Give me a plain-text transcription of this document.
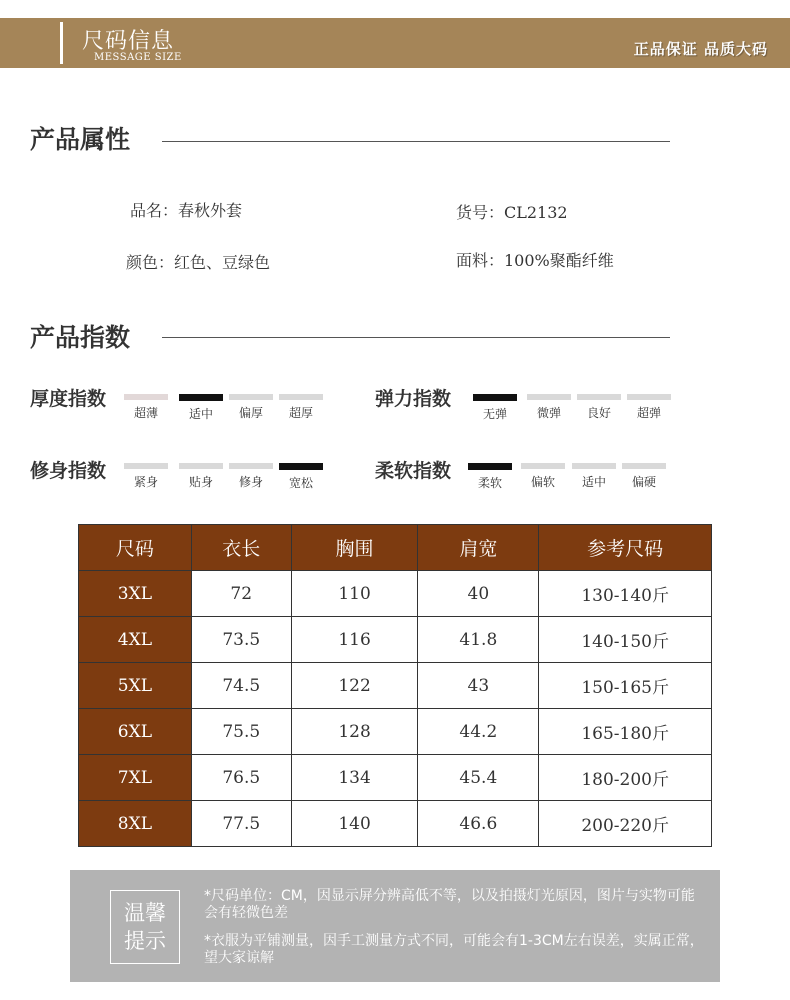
尺码信息
MESSAGE SIZE	正品保证 品质大码
产品属性
品名：春秋外套	货号：CL2132
颜色：红色、豆绿色	面料：100%聚酯纤维
产品指数
厚度指数
超薄	适中	偏厚	超厚
弹力指数
无弹	微弹	良好	超弹
修身指数	紧身	贴身	修身	宽松
柔软指数
柔软	偏软	适中	偏硬
尺码	衣长	胸围	肩宽	参考尺码
3XL	72	110	40	130-140斤
4XL	73.5	116	41.8	140-150斤
5XL	74.5	122	43	150-165斤
6XL	75.5	128	44.2	165-180斤
7XL	76.5	134	45.4	180-200斤
8XL	77.5	140	46.6	200-220斤
温馨
提示
*尺码单位：CM，因显示屏分辨高低不等，以及拍摄灯光原因，图片与实物可能会有轻微色差
*衣服为平铺测量，因手工测量方式不同，可能会有1-3CM左右误差，实属正常，望大家谅解
